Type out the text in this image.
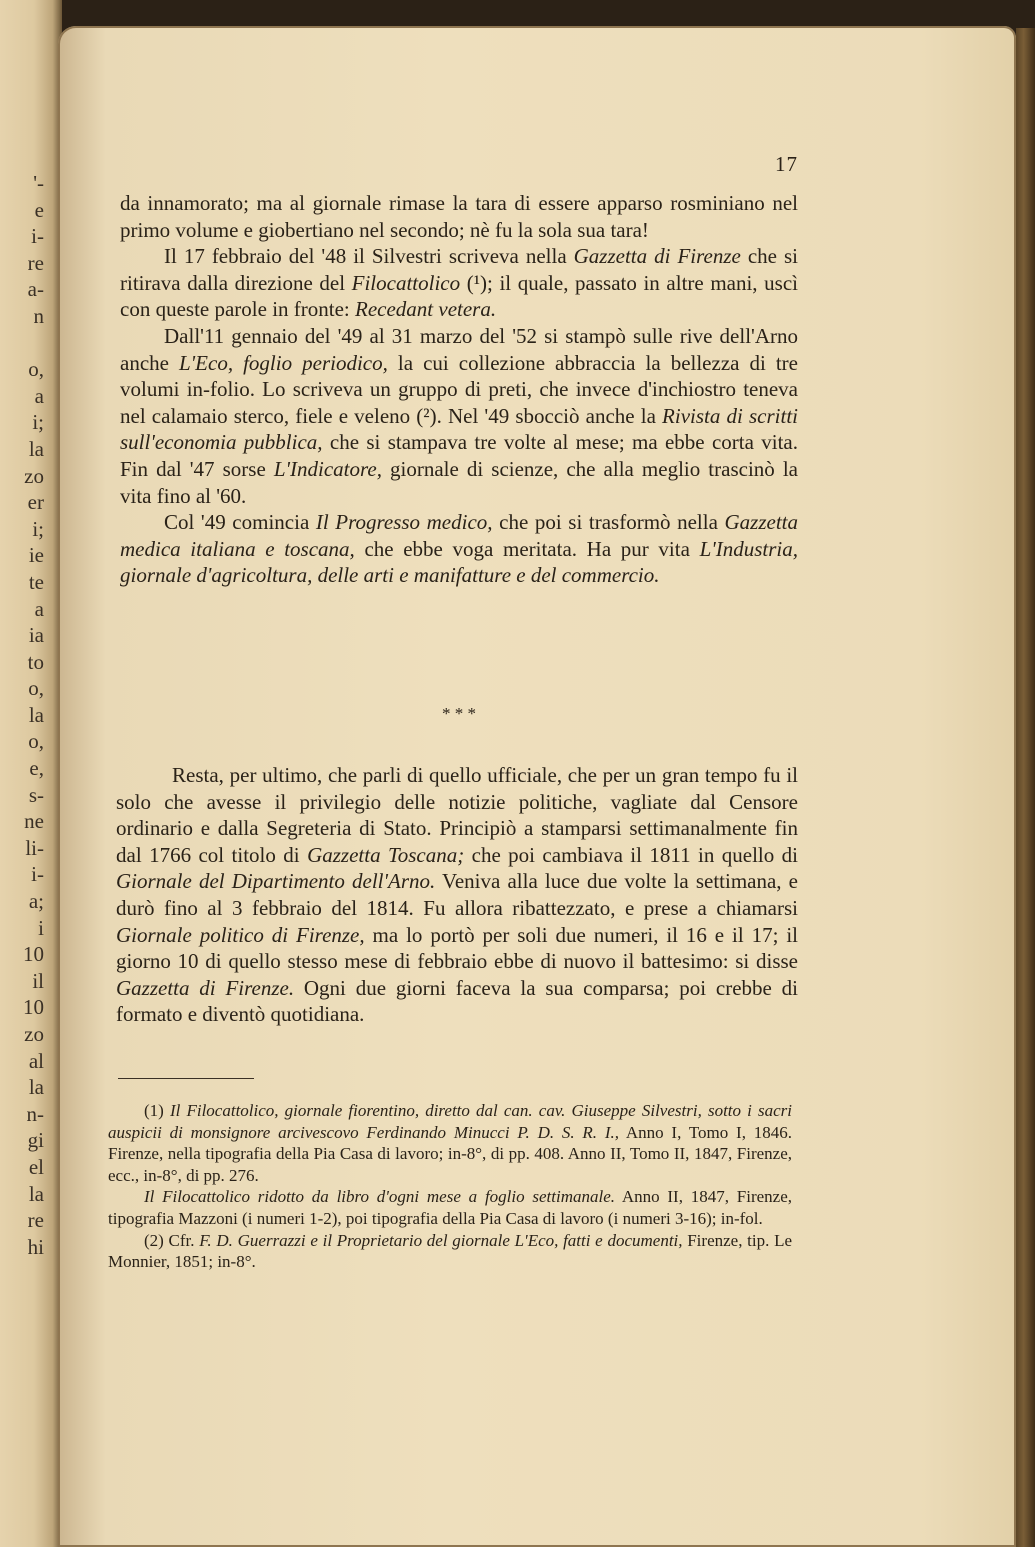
'-
e
i-
re
a-
n

o,
a
i;
la
zo
er
i;
ie
te
a
ia
to
o,
la
o,
e,
s-
ne
li-
i-
a;
i
10
il
10
zo
al
la
n-
gi
el
la
re
hi
17

da innamorato; ma al giornale rimase la tara di essere apparso rosminiano nel primo volume e giobertiano nel secondo; nè fu la sola sua tara!

Il 17 febbraio del '48 il Silvestri scriveva nella Gazzetta di Firenze che si ritirava dalla direzione del Filocattolico (¹); il quale, passato in altre mani, uscì con queste parole in fronte: Recedant vetera.

Dall'11 gennaio del '49 al 31 marzo del '52 si stampò sulle rive dell'Arno anche L'Eco, foglio periodico, la cui collezione abbraccia la bellezza di tre volumi in-folio. Lo scriveva un gruppo di preti, che invece d'inchiostro teneva nel calamaio sterco, fiele e veleno (²). Nel '49 sbocciò anche la Rivista di scritti sull'economia pubblica, che si stampava tre volte al mese; ma ebbe corta vita. Fin dal '47 sorse L'Indicatore, giornale di scienze, che alla meglio trascinò la vita fino al '60.

Col '49 comincia Il Progresso medico, che poi si trasformò nella Gazzetta medica italiana e toscana, che ebbe voga meritata. Ha pur vita L'Industria, giornale d'agricoltura, delle arti e manifatture e del commercio.

* * *

Resta, per ultimo, che parli di quello ufficiale, che per un gran tempo fu il solo che avesse il privilegio delle notizie politiche, vagliate dal Censore ordinario e dalla Segreteria di Stato. Principiò a stamparsi settimanalmente fin dal 1766 col titolo di Gazzetta Toscana; che poi cambiava il 1811 in quello di Giornale del Dipartimento dell'Arno. Veniva alla luce due volte la settimana, e durò fino al 3 febbraio del 1814. Fu allora ribattezzato, e prese a chiamarsi Giornale politico di Firenze, ma lo portò per soli due numeri, il 16 e il 17; il giorno 10 di quello stesso mese di febbraio ebbe di nuovo il battesimo: si disse Gazzetta di Firenze. Ogni due giorni faceva la sua comparsa; poi crebbe di formato e diventò quotidiana.

(1) Il Filocattolico, giornale fiorentino, diretto dal can. cav. Giuseppe Silvestri, sotto i sacri auspicii di monsignore arcivescovo Ferdinando Minucci P. D. S. R. I., Anno I, Tomo I, 1846. Firenze, nella tipografia della Pia Casa di lavoro; in-8°, di pp. 408. Anno II, Tomo II, 1847, Firenze, ecc., in-8°, di pp. 276.

Il Filocattolico ridotto da libro d'ogni mese a foglio settimanale. Anno II, 1847, Firenze, tipografia Mazzoni (i numeri 1-2), poi tipografia della Pia Casa di lavoro (i numeri 3-16); in-fol.

(2) Cfr. F. D. Guerrazzi e il Proprietario del giornale L'Eco, fatti e documenti, Firenze, tip. Le Monnier, 1851; in-8°.
